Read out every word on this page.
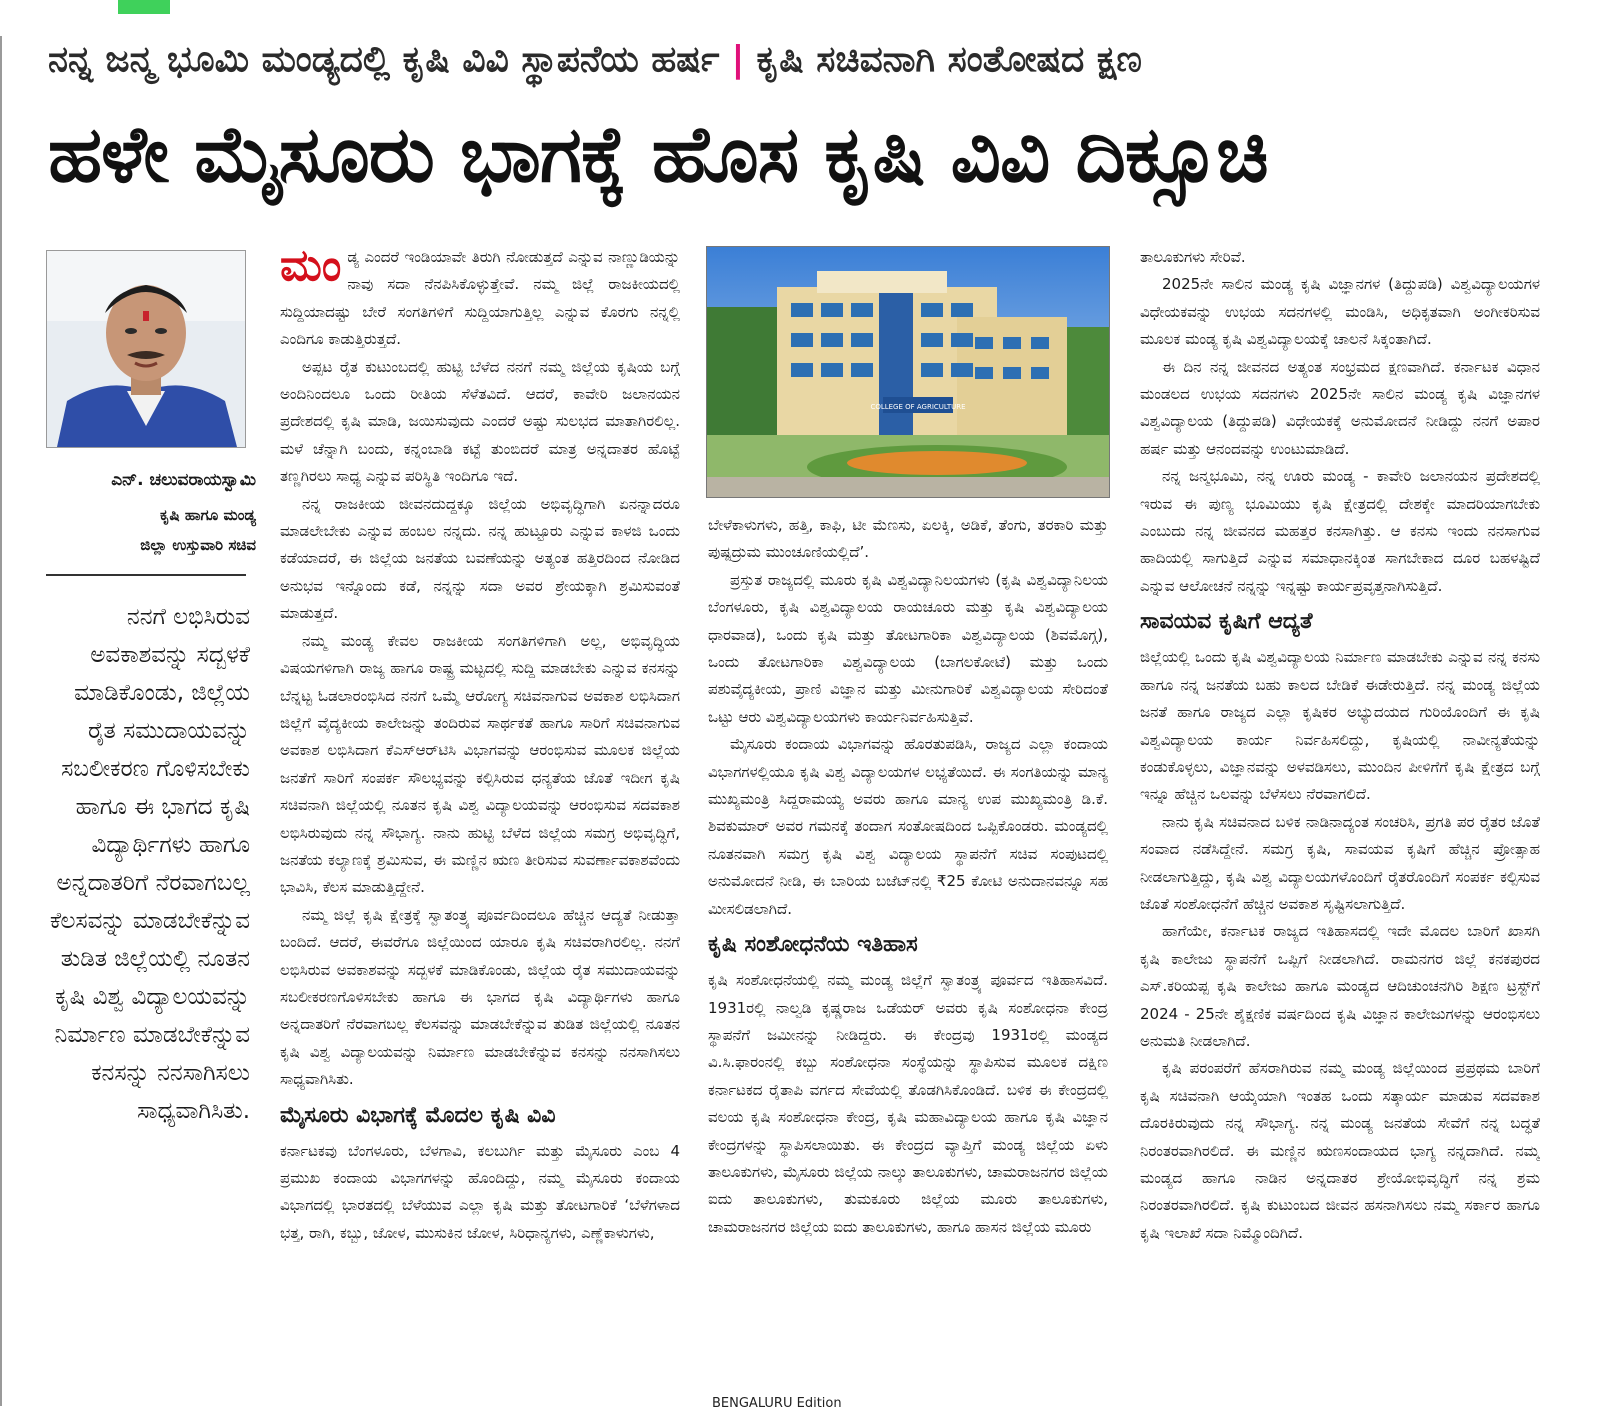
ನನ್ನ ಜನ್ಮ ಭೂಮಿ ಮಂಡ್ಯದಲ್ಲಿ ಕೃಷಿ ವಿವಿ ಸ್ಥಾಪನೆಯ ಹರ್ಷ | ಕೃಷಿ ಸಚಿವನಾಗಿ ಸಂತೋಷದ ಕ್ಷಣ
ಹಳೇ ಮೈಸೂರು ಭಾಗಕ್ಕೆ ಹೊಸ ಕೃಷಿ ವಿವಿ ದಿಕ್ಸೂಚಿ
ಎನ್‌. ಚಲುವರಾಯಸ್ವಾಮಿ
ಕೃಷಿ ಹಾಗೂ ಮಂಡ್ಯ
ಜಿಲ್ಲಾ ಉಸ್ತುವಾರಿ ಸಚಿವ
ನನಗೆ ಲಭಿಸಿರುವ ಅವಕಾಶವನ್ನು ಸದ್ಬಳಕೆ ಮಾಡಿಕೊಂಡು, ಜಿಲ್ಲೆಯ ರೈತ ಸಮುದಾಯವನ್ನು ಸಬಲೀಕರಣ ಗೊಳಿಸಬೇಕು ಹಾಗೂ ಈ ಭಾಗದ ಕೃಷಿ ವಿದ್ಯಾರ್ಥಿಗಳು ಹಾಗೂ ಅನ್ನದಾತರಿಗೆ ನೆರವಾಗಬಲ್ಲ ಕೆಲಸವನ್ನು ಮಾಡಬೇಕೆನ್ನುವ ತುಡಿತ ಜಿಲ್ಲೆಯಲ್ಲಿ ನೂತನ ಕೃಷಿ ವಿಶ್ವ ವಿದ್ಯಾಲಯವನ್ನು ನಿರ್ಮಾಣ ಮಾಡಬೇಕೆನ್ನುವ ಕನಸನ್ನು ನನಸಾಗಿಸಲು ಸಾಧ್ಯವಾಗಿಸಿತು.

ಮಂಡ್ಯ ಎಂದರೆ ಇಂಡಿಯಾವೇ ತಿರುಗಿ ನೋಡುತ್ತದೆ ಎನ್ನುವ ನಾಣ್ಣುಡಿಯನ್ನು ನಾವು ಸದಾ ನೆನಪಿಸಿಕೊಳ್ಳುತ್ತೇವೆ. ನಮ್ಮ ಜಿಲ್ಲೆ ರಾಜಕೀಯದಲ್ಲಿ ಸುದ್ದಿಯಾದಷ್ಟು ಬೇರೆ ಸಂಗತಿಗಳಿಗೆ ಸುದ್ದಿಯಾಗುತ್ತಿಲ್ಲ ಎನ್ನುವ ಕೊರಗು ನನ್ನಲ್ಲಿ ಎಂದಿಗೂ ಕಾಡುತ್ತಿರುತ್ತದೆ.

ಅಪ್ಪಟ ರೈತ ಕುಟುಂಬದಲ್ಲಿ ಹುಟ್ಟಿ ಬೆಳೆದ ನನಗೆ ನಮ್ಮ ಜಿಲ್ಲೆಯ ಕೃಷಿಯ ಬಗ್ಗೆ ಅಂದಿನಿಂದಲೂ ಒಂದು ರೀತಿಯ ಸೆಳೆತವಿದೆ. ಆದರೆ, ಕಾವೇರಿ ಜಲಾನಯನ ಪ್ರದೇಶದಲ್ಲಿ ಕೃಷಿ ಮಾಡಿ, ಜಯಿಸುವುದು ಎಂದರೆ ಅಷ್ಟು ಸುಲಭದ ಮಾತಾಗಿರಲಿಲ್ಲ. ಮಳೆ ಚೆನ್ನಾಗಿ ಬಂದು, ಕನ್ನಂಬಾಡಿ ಕಟ್ಟೆ ತುಂಬಿದರೆ ಮಾತ್ರ ಅನ್ನದಾತರ ಹೊಟ್ಟೆ ತಣ್ಣಗಿರಲು ಸಾಧ್ಯ ಎನ್ನುವ ಪರಿಸ್ಥಿತಿ ಇಂದಿಗೂ ಇದೆ.

ನನ್ನ ರಾಜಕೀಯ ಜೀವನದುದ್ದಕ್ಕೂ ಜಿಲ್ಲೆಯ ಅಭಿವೃದ್ಧಿಗಾಗಿ ಏನನ್ನಾದರೂ ಮಾಡಲೇಬೇಕು ಎನ್ನುವ ಹಂಬಲ ನನ್ನದು. ನನ್ನ ಹುಟ್ಟೂರು ಎನ್ನುವ ಕಾಳಜಿ ಒಂದು ಕಡೆಯಾದರೆ, ಈ ಜಿಲ್ಲೆಯ ಜನತೆಯ ಬವಣೆಯನ್ನು ಅತ್ಯಂತ ಹತ್ತಿರದಿಂದ ನೋಡಿದ ಅನುಭವ ಇನ್ನೊಂದು ಕಡೆ, ನನ್ನನ್ನು ಸದಾ ಅವರ ಶ್ರೇಯಕ್ಕಾಗಿ ಶ್ರಮಿಸುವಂತೆ ಮಾಡುತ್ತದೆ.

ನಮ್ಮ ಮಂಡ್ಯ ಕೇವಲ ರಾಜಕೀಯ ಸಂಗತಿಗಳಿಗಾಗಿ ಅಲ್ಲ, ಅಭಿವೃದ್ಧಿಯ ವಿಷಯಗಳಿಗಾಗಿ ರಾಜ್ಯ ಹಾಗೂ ರಾಷ್ಟ್ರ ಮಟ್ಟದಲ್ಲಿ ಸುದ್ದಿ ಮಾಡಬೇಕು ಎನ್ನುವ ಕನಸನ್ನು ಬೆನ್ನಟ್ಟ ಓಡಲಾರಂಭಿಸಿದ ನನಗೆ ಒಮ್ಮೆ ಆರೋಗ್ಯ ಸಚಿವನಾಗುವ ಅವಕಾಶ ಲಭಿಸಿದಾಗ ಜಿಲ್ಲೆಗೆ ವೈದ್ಯಕೀಯ ಕಾಲೇಜನ್ನು ತಂದಿರುವ ಸಾರ್ಥಕತೆ ಹಾಗೂ ಸಾರಿಗೆ ಸಚಿವನಾಗುವ ಅವಕಾಶ ಲಭಿಸಿದಾಗ ಕೆಎಸ್‌ಆರ್‌ಟಿಸಿ ವಿಭಾಗವನ್ನು ಆರಂಭಿಸುವ ಮೂಲಕ ಜಿಲ್ಲೆಯ ಜನತೆಗೆ ಸಾರಿಗೆ ಸಂಪರ್ಕ ಸೌಲಭ್ಯವನ್ನು ಕಲ್ಪಿಸಿರುವ ಧನ್ಯತೆಯ ಜೊತೆ ಇದೀಗ ಕೃಷಿ ಸಚಿವನಾಗಿ ಜಿಲ್ಲೆಯಲ್ಲಿ ನೂತನ ಕೃಷಿ ವಿಶ್ವ ವಿದ್ಯಾಲಯವನ್ನು ಆರಂಭಿಸುವ ಸದವಕಾಶ ಲಭಿಸಿರುವುದು ನನ್ನ ಸೌಭಾಗ್ಯ. ನಾನು ಹುಟ್ಟಿ ಬೆಳೆದ ಜಿಲ್ಲೆಯ ಸಮಗ್ರ ಅಭಿವೃದ್ಧಿಗೆ, ಜನತೆಯ ಕಲ್ಯಾಣಕ್ಕೆ ಶ್ರಮಿಸುವ, ಈ ಮಣ್ಣಿನ ಋಣ ತೀರಿಸುವ ಸುವರ್ಣಾವಕಾಶವೆಂದು ಭಾವಿಸಿ, ಕೆಲಸ ಮಾಡುತ್ತಿದ್ದೇನೆ.

ನಮ್ಮ ಜಿಲ್ಲೆ ಕೃಷಿ ಕ್ಷೇತ್ರಕ್ಕೆ ಸ್ವಾತಂತ್ರ್ಯ ಪೂರ್ವದಿಂದಲೂ ಹೆಚ್ಚಿನ ಆದ್ಯತೆ ನೀಡುತ್ತಾ ಬಂದಿದೆ. ಆದರೆ, ಈವರೆಗೂ ಜಿಲ್ಲೆಯಿಂದ ಯಾರೂ ಕೃಷಿ ಸಚಿವರಾಗಿರಲಿಲ್ಲ. ನನಗೆ ಲಭಿಸಿರುವ ಅವಕಾಶವನ್ನು ಸದ್ಬಳಕೆ ಮಾಡಿಕೊಂಡು, ಜಿಲ್ಲೆಯ ರೈತ ಸಮುದಾಯವನ್ನು ಸಬಲೀಕರಣಗೊಳಿಸಬೇಕು ಹಾಗೂ ಈ ಭಾಗದ ಕೃಷಿ ವಿದ್ಯಾರ್ಥಿಗಳು ಹಾಗೂ ಅನ್ನದಾತರಿಗೆ ನೆರವಾಗಬಲ್ಲ ಕೆಲಸವನ್ನು ಮಾಡಬೇಕೆನ್ನುವ ತುಡಿತ ಜಿಲ್ಲೆಯಲ್ಲಿ ನೂತನ ಕೃಷಿ ವಿಶ್ವ ವಿದ್ಯಾಲಯವನ್ನು ನಿರ್ಮಾಣ ಮಾಡಬೇಕೆನ್ನುವ ಕನಸನ್ನು ನನಸಾಗಿಸಲು ಸಾಧ್ಯವಾಗಿಸಿತು.

ಮೈಸೂರು ವಿಭಾಗಕ್ಕೆ ಮೊದಲ ಕೃಷಿ ವಿವಿ

ಕರ್ನಾಟಕವು ಬೆಂಗಳೂರು, ಬೆಳಗಾವಿ, ಕಲಬುರ್ಗಿ ಮತ್ತು ಮೈಸೂರು ಎಂಬ 4 ಪ್ರಮುಖ ಕಂದಾಯ ವಿಭಾಗಗಳನ್ನು ಹೊಂದಿದ್ದು, ನಮ್ಮ ಮೈಸೂರು ಕಂದಾಯ ವಿಭಾಗದಲ್ಲಿ ಭಾರತದಲ್ಲಿ ಬೆಳೆಯುವ ಎಲ್ಲಾ ಕೃಷಿ ಮತ್ತು ತೋಟಗಾರಿಕೆ ‘ಬೆಳೆಗಳಾದ ಭತ್ತ, ರಾಗಿ, ಕಬ್ಬು, ಜೋಳ, ಮುಸುಕಿನ ಜೋಳ, ಸಿರಿಧಾನ್ಯಗಳು, ಎಣ್ಣೆಕಾಳುಗಳು,

COLLEGE OF AGRICULTURE

ಬೇಳೆಕಾಳುಗಳು, ಹತ್ತಿ, ಕಾಫಿ, ಟೀ ಮೆಣಸು, ಏಲಕ್ಕಿ, ಅಡಿಕೆ, ತೆಂಗು, ತರಕಾರಿ ಮತ್ತು ಪುಷ್ಪದ್ರುಮ ಮುಂಚೂಣಿಯಲ್ಲಿದೆ’.

ಪ್ರಸ್ತುತ ರಾಜ್ಯದಲ್ಲಿ ಮೂರು ಕೃಷಿ ವಿಶ್ವವಿದ್ಯಾನಿಲಯಗಳು (ಕೃಷಿ ವಿಶ್ವವಿದ್ಯಾನಿಲಯ ಬೆಂಗಳೂರು, ಕೃಷಿ ವಿಶ್ವವಿದ್ಯಾಲಯ ರಾಯಚೂರು ಮತ್ತು ಕೃಷಿ ವಿಶ್ವವಿದ್ಯಾಲಯ ಧಾರವಾಡ), ಒಂದು ಕೃಷಿ ಮತ್ತು ತೋಟಗಾರಿಕಾ ವಿಶ್ವವಿದ್ಯಾಲಯ (ಶಿವಮೊಗ್ಗ), ಒಂದು ತೋಟಗಾರಿಕಾ ವಿಶ್ವವಿದ್ಯಾಲಯ (ಬಾಗಲಕೋಟೆ) ಮತ್ತು ಒಂದು ಪಶುವೈದ್ಯಕೀಯ, ಪ್ರಾಣಿ ವಿಜ್ಞಾನ ಮತ್ತು ಮೀನುಗಾರಿಕೆ ವಿಶ್ವವಿದ್ಯಾಲಯ ಸೇರಿದಂತೆ ಒಟ್ಟು ಆರು ವಿಶ್ವವಿದ್ಯಾಲಯಗಳು ಕಾರ್ಯನಿರ್ವಹಿಸುತ್ತಿವೆ.

ಮೈಸೂರು ಕಂದಾಯ ವಿಭಾಗವನ್ನು ಹೊರತುಪಡಿಸಿ, ರಾಜ್ಯದ ಎಲ್ಲಾ ಕಂದಾಯ ವಿಭಾಗಗಳಲ್ಲಿಯೂ ಕೃಷಿ ವಿಶ್ವ ವಿದ್ಯಾಲಯಗಳ ಲಭ್ಯತೆಯಿದೆ. ಈ ಸಂಗತಿಯನ್ನು ಮಾನ್ಯ ಮುಖ್ಯಮಂತ್ರಿ ಸಿದ್ದರಾಮಯ್ಯ ಅವರು ಹಾಗೂ ಮಾನ್ಯ ಉಪ ಮುಖ್ಯಮಂತ್ರಿ ಡಿ.ಕೆ. ಶಿವಕುಮಾರ್ ಅವರ ಗಮನಕ್ಕೆ ತಂದಾಗ ಸಂತೋಷದಿಂದ ಒಪ್ಪಿಕೊಂಡರು. ಮಂಡ್ಯದಲ್ಲಿ ನೂತನವಾಗಿ ಸಮಗ್ರ ಕೃಷಿ ವಿಶ್ವ ವಿದ್ಯಾಲಯ ಸ್ಥಾಪನೆಗೆ ಸಚಿವ ಸಂಪುಟದಲ್ಲಿ ಅನುಮೋದನೆ ನೀಡಿ, ಈ ಬಾರಿಯ ಬಜೆಟ್‌ನಲ್ಲಿ ₹25 ಕೋಟಿ ಅನುದಾನವನ್ನೂ ಸಹ ಮೀಸಲಿಡಲಾಗಿದೆ.

ಕೃಷಿ ಸಂಶೋಧನೆಯ ಇತಿಹಾಸ

ಕೃಷಿ ಸಂಶೋಧನೆಯಲ್ಲಿ ನಮ್ಮ ಮಂಡ್ಯ ಜಿಲ್ಲೆಗೆ ಸ್ವಾತಂತ್ರ್ಯ ಪೂರ್ವದ ಇತಿಹಾಸವಿದೆ. 1931ರಲ್ಲಿ ನಾಲ್ವಡಿ ಕೃಷ್ಣರಾಜ ಒಡೆಯರ್ ಅವರು ಕೃಷಿ ಸಂಶೋಧನಾ ಕೇಂದ್ರ ಸ್ಥಾಪನೆಗೆ ಜಮೀನನ್ನು ನೀಡಿದ್ದರು. ಈ ಕೇಂದ್ರವು 1931ರಲ್ಲಿ ಮಂಡ್ಯದ ವಿ.ಸಿ.ಫಾರಂನಲ್ಲಿ ಕಬ್ಬು ಸಂಶೋಧನಾ ಸಂಸ್ಥೆಯನ್ನು ಸ್ಥಾಪಿಸುವ ಮೂಲಕ ದಕ್ಷಿಣ ಕರ್ನಾಟಕದ ರೈತಾಪಿ ವರ್ಗದ ಸೇವೆಯಲ್ಲಿ ತೊಡಗಿಸಿಕೊಂಡಿದೆ. ಬಳಿಕ ಈ ಕೇಂದ್ರದಲ್ಲಿ ವಲಯ ಕೃಷಿ ಸಂಶೋಧನಾ ಕೇಂದ್ರ, ಕೃಷಿ ಮಹಾವಿದ್ಯಾಲಯ ಹಾಗೂ ಕೃಷಿ ವಿಜ್ಞಾನ ಕೇಂದ್ರಗಳನ್ನು ಸ್ಥಾಪಿಸಲಾಯಿತು. ಈ ಕೇಂದ್ರದ ವ್ಯಾಪ್ತಿಗೆ ಮಂಡ್ಯ ಜಿಲ್ಲೆಯ ಏಳು ತಾಲೂಕುಗಳು, ಮೈಸೂರು ಜಿಲ್ಲೆಯ ನಾಲ್ಕು ತಾಲೂಕುಗಳು, ಚಾಮರಾಜನಗರ ಜಿಲ್ಲೆಯ ಐದು ತಾಲೂಕುಗಳು, ತುಮಕೂರು ಜಿಲ್ಲೆಯ ಮೂರು ತಾಲೂಕುಗಳು, ಚಾಮರಾಜನಗರ ಜಿಲ್ಲೆಯ ಐದು ತಾಲೂಕುಗಳು, ಹಾಗೂ ಹಾಸನ ಜಿಲ್ಲೆಯ ಮೂರು

ತಾಲೂಕುಗಳು ಸೇರಿವೆ.

2025ನೇ ಸಾಲಿನ ಮಂಡ್ಯ ಕೃಷಿ ವಿಜ್ಞಾನಗಳ (ತಿದ್ದುಪಡಿ) ವಿಶ್ವವಿದ್ಯಾಲಯಗಳ ವಿಧೇಯಕವನ್ನು ಉಭಯ ಸದನಗಳಲ್ಲಿ ಮಂಡಿಸಿ, ಅಧಿಕೃತವಾಗಿ ಅಂಗೀಕರಿಸುವ ಮೂಲಕ ಮಂಡ್ಯ ಕೃಷಿ ವಿಶ್ವವಿದ್ಯಾಲಯಕ್ಕೆ ಚಾಲನೆ ಸಿಕ್ಕಂತಾಗಿದೆ.

ಈ ದಿನ ನನ್ನ ಜೀವನದ ಅತ್ಯಂತ ಸಂಭ್ರಮದ ಕ್ಷಣವಾಗಿದೆ. ಕರ್ನಾಟಕ ವಿಧಾನ ಮಂಡಲದ ಉಭಯ ಸದನಗಳು 2025ನೇ ಸಾಲಿನ ಮಂಡ್ಯ ಕೃಷಿ ವಿಜ್ಞಾನಗಳ ವಿಶ್ವವಿದ್ಯಾಲಯ (ತಿದ್ದುಪಡಿ) ವಿಧೇಯಕಕ್ಕೆ ಅನುಮೋದನೆ ನೀಡಿದ್ದು ನನಗೆ ಅಪಾರ ಹರ್ಷ ಮತ್ತು ಆನಂದವನ್ನು ಉಂಟುಮಾಡಿದೆ.

ನನ್ನ ಜನ್ಮಭೂಮಿ, ನನ್ನ ಊರು ಮಂಡ್ಯ - ಕಾವೇರಿ ಜಲಾನಯನ ಪ್ರದೇಶದಲ್ಲಿ ಇರುವ ಈ ಪುಣ್ಯ ಭೂಮಿಯು ಕೃಷಿ ಕ್ಷೇತ್ರದಲ್ಲಿ ದೇಶಕ್ಕೇ ಮಾದರಿಯಾಗಬೇಕು ಎಂಬುದು ನನ್ನ ಜೀವನದ ಮಹತ್ತರ ಕನಸಾಗಿತ್ತು. ಆ ಕನಸು ಇಂದು ನನಸಾಗುವ ಹಾದಿಯಲ್ಲಿ ಸಾಗುತ್ತಿದೆ ಎನ್ನುವ ಸಮಾಧಾನಕ್ಕಿಂತ ಸಾಗಬೇಕಾದ ದೂರ ಬಹಳಷ್ಟಿದೆ ಎನ್ನುವ ಆಲೋಚನೆ ನನ್ನನ್ನು ಇನ್ನಷ್ಟು ಕಾರ್ಯಪ್ರವೃತ್ತನಾಗಿಸುತ್ತಿದೆ.

ಸಾವಯವ ಕೃಷಿಗೆ ಆದ್ಯತೆ

ಜಿಲ್ಲೆಯಲ್ಲಿ ಒಂದು ಕೃಷಿ ವಿಶ್ವವಿದ್ಯಾಲಯ ನಿರ್ಮಾಣ ಮಾಡಬೇಕು ಎನ್ನುವ ನನ್ನ ಕನಸು ಹಾಗೂ ನನ್ನ ಜನತೆಯ ಬಹು ಕಾಲದ ಬೇಡಿಕೆ ಈಡೇರುತ್ತಿದೆ. ನನ್ನ ಮಂಡ್ಯ ಜಿಲ್ಲೆಯ ಜನತೆ ಹಾಗೂ ರಾಜ್ಯದ ಎಲ್ಲಾ ಕೃಷಿಕರ ಅಭ್ಯುದಯದ ಗುರಿಯೊಂದಿಗೆ ಈ ಕೃಷಿ ವಿಶ್ವವಿದ್ಯಾಲಯ ಕಾರ್ಯ ನಿರ್ವಹಿಸಲಿದ್ದು, ಕೃಷಿಯಲ್ಲಿ ನಾವೀನ್ಯತೆಯನ್ನು ಕಂಡುಕೊಳ್ಳಲು, ವಿಜ್ಞಾನವನ್ನು ಅಳವಡಿಸಲು, ಮುಂದಿನ ಪೀಳಿಗೆಗೆ ಕೃಷಿ ಕ್ಷೇತ್ರದ ಬಗ್ಗೆ ಇನ್ನೂ ಹೆಚ್ಚಿನ ಒಲವನ್ನು ಬೆಳೆಸಲು ನೆರವಾಗಲಿದೆ.

ನಾನು ಕೃಷಿ ಸಚಿವನಾದ ಬಳಿಕ ನಾಡಿನಾದ್ಯಂತ ಸಂಚರಿಸಿ, ಪ್ರಗತಿ ಪರ ರೈತರ ಜೊತೆ ಸಂವಾದ ನಡೆಸಿದ್ದೇನೆ. ಸಮಗ್ರ ಕೃಷಿ, ಸಾವಯವ ಕೃಷಿಗೆ ಹೆಚ್ಚಿನ ಪ್ರೋತ್ಸಾಹ ನೀಡಲಾಗುತ್ತಿದ್ದು, ಕೃಷಿ ವಿಶ್ವ ವಿದ್ಯಾಲಯಗಳೊಂದಿಗೆ ರೈತರೊಂದಿಗೆ ಸಂಪರ್ಕ ಕಲ್ಪಿಸುವ ಜೊತೆ ಸಂಶೋಧನೆಗೆ ಹೆಚ್ಚಿನ ಅವಕಾಶ ಸೃಷ್ಟಿಸಲಾಗುತ್ತಿದೆ.

ಹಾಗೆಯೇ, ಕರ್ನಾಟಕ ರಾಜ್ಯದ ಇತಿಹಾಸದಲ್ಲಿ ಇದೇ ಮೊದಲ ಬಾರಿಗೆ ಖಾಸಗಿ ಕೃಷಿ ಕಾಲೇಜು ಸ್ಥಾಪನೆಗೆ ಒಪ್ಪಿಗೆ ನೀಡಲಾಗಿದೆ. ರಾಮನಗರ ಜಿಲ್ಲೆ ಕನಕಪುರದ ಎಸ್‌.ಕರಿಯಪ್ಪ ಕೃಷಿ ಕಾಲೇಜು ಹಾಗೂ ಮಂಡ್ಯದ ಆದಿಚುಂಚನಗಿರಿ ಶಿಕ್ಷಣ ಟ್ರಸ್ಟ್‌ಗೆ 2024 - 25ನೇ ಶೈಕ್ಷಣಿಕ ವರ್ಷದಿಂದ ಕೃಷಿ ವಿಜ್ಞಾನ ಕಾಲೇಜುಗಳನ್ನು ಆರಂಭಿಸಲು ಅನುಮತಿ ನೀಡಲಾಗಿದೆ.

ಕೃಷಿ ಪರಂಪರೆಗೆ ಹೆಸರಾಗಿರುವ ನಮ್ಮ ಮಂಡ್ಯ ಜಿಲ್ಲೆಯಿಂದ ಪ್ರಪ್ರಥಮ ಬಾರಿಗೆ ಕೃಷಿ ಸಚಿವನಾಗಿ ಆಯ್ಕೆಯಾಗಿ ಇಂತಹ ಒಂದು ಸತ್ಕಾರ್ಯ ಮಾಡುವ ಸದವಕಾಶ ದೊರಕಿರುವುದು ನನ್ನ ಸೌಭಾಗ್ಯ. ನನ್ನ ಮಂಡ್ಯ ಜನತೆಯ ಸೇವೆಗೆ ನನ್ನ ಬದ್ಧತೆ ನಿರಂತರವಾಗಿರಲಿದೆ. ಈ ಮಣ್ಣಿನ ಋಣಸಂದಾಯದ ಭಾಗ್ಯ ನನ್ನದಾಗಿದೆ. ನಮ್ಮ ಮಂಡ್ಯದ ಹಾಗೂ ನಾಡಿನ ಅನ್ನದಾತರ ಶ್ರೇಯೋಭಿವೃದ್ಧಿಗೆ ನನ್ನ ಶ್ರಮ ನಿರಂತರವಾಗಿರಲಿದೆ. ಕೃಷಿ ಕುಟುಂಬದ ಜೀವನ ಹಸನಾಗಿಸಲು ನಮ್ಮ ಸರ್ಕಾರ ಹಾಗೂ ಕೃಷಿ ಇಲಾಖೆ ಸದಾ ನಿಮ್ಮೊಂದಿಗಿದೆ.

BENGALURU Edition
